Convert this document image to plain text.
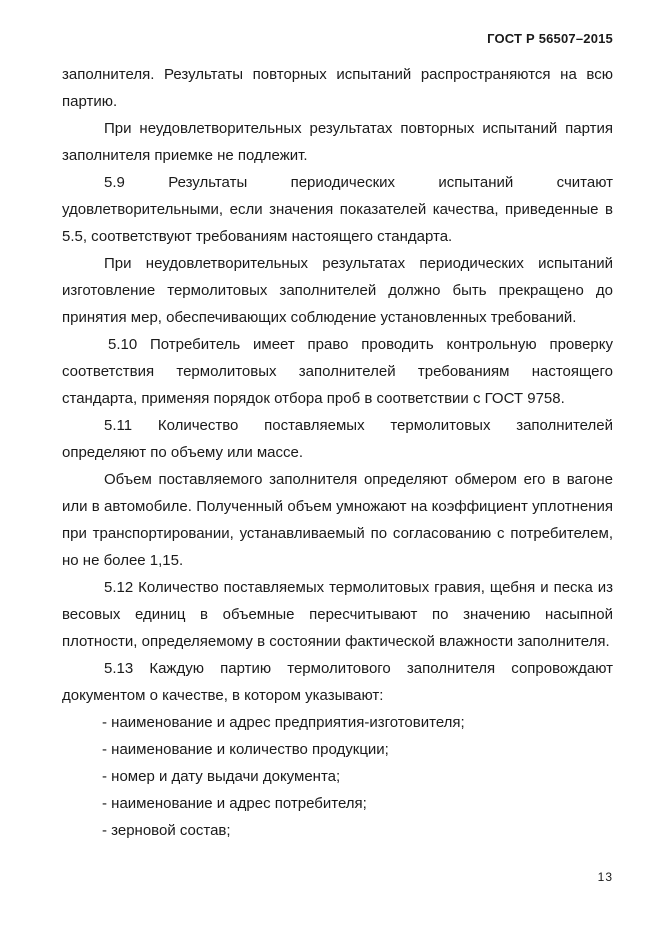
ГОСТ Р 56507–2015

заполнителя. Результаты повторных испытаний распространяются на всю партию.

При неудовлетворительных результатах повторных испытаний партия заполнителя приемке не подлежит.

5.9 Результаты периодических испытаний считают удовлетворительными, если значения показателей качества, приведенные в 5.5, соответствуют требованиям настоящего стандарта.

При неудовлетворительных результатах периодических испытаний изготовление термолитовых заполнителей должно быть прекращено до принятия мер, обеспечивающих соблюдение установленных требований.

5.10 Потребитель имеет право проводить контрольную проверку соответствия термолитовых заполнителей требованиям настоящего стандарта, применяя порядок отбора проб в соответствии с ГОСТ 9758.

5.11 Количество поставляемых термолитовых заполнителей определяют по объему или массе.

Объем поставляемого заполнителя определяют обмером его в вагоне или в автомобиле. Полученный объем умножают на коэффициент уплотнения при транспортировании, устанавливаемый по согласованию с потребителем, но не более 1,15.

5.12 Количество поставляемых термолитовых гравия, щебня и песка из весовых единиц в объемные пересчитывают по значению насыпной плотности, определяемому в состоянии фактической влажности заполнителя.

5.13 Каждую партию термолитового заполнителя сопровождают документом о качестве, в котором указывают:

- наименование и адрес предприятия-изготовителя;

- наименование и количество продукции;

- номер и дату выдачи документа;

- наименование и адрес потребителя;

- зерновой состав;

13
